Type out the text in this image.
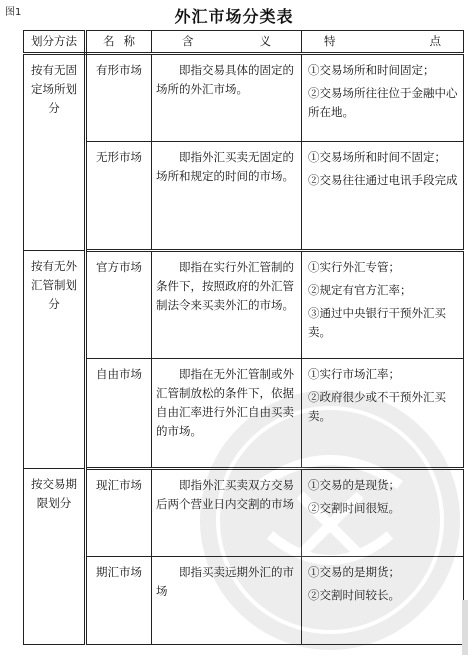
图1	外汇市场分类表
划分方法	名 称	含 义	特 点

按有无固定场所划分	有形市场	即指交易具体的固定的场所的外汇市场。	①交易场所和时间固定；

②交易场所往往位于金融中心所在地。

	无形市场	即指外汇买卖无固定的场所和规定的时间的市场。	①交易场所和时间不固定；

②交易往往通过电讯手段完成

按有无外汇管制划分	官方市场	即指在实行外汇管制的条件下，按照政府的外汇管制法令来买卖外汇的市场。	①实行外汇专管；

②规定有官方汇率；

③通过中央银行干预外汇买卖。

	自由市场	即指在无外汇管制或外汇管制放松的条件下，依据自由汇率进行外汇自由买卖的市场。	①实行市场汇率；

②政府很少或不干预外汇买卖。

按交易期限划分	现汇市场	即指外汇买卖双方交易后两个营业日内交割的市场	①交易的是现货；

②交割时间很短。

	期汇市场	即指买卖远期外汇的市场	①交易的是期货；

②交割时间较长。
